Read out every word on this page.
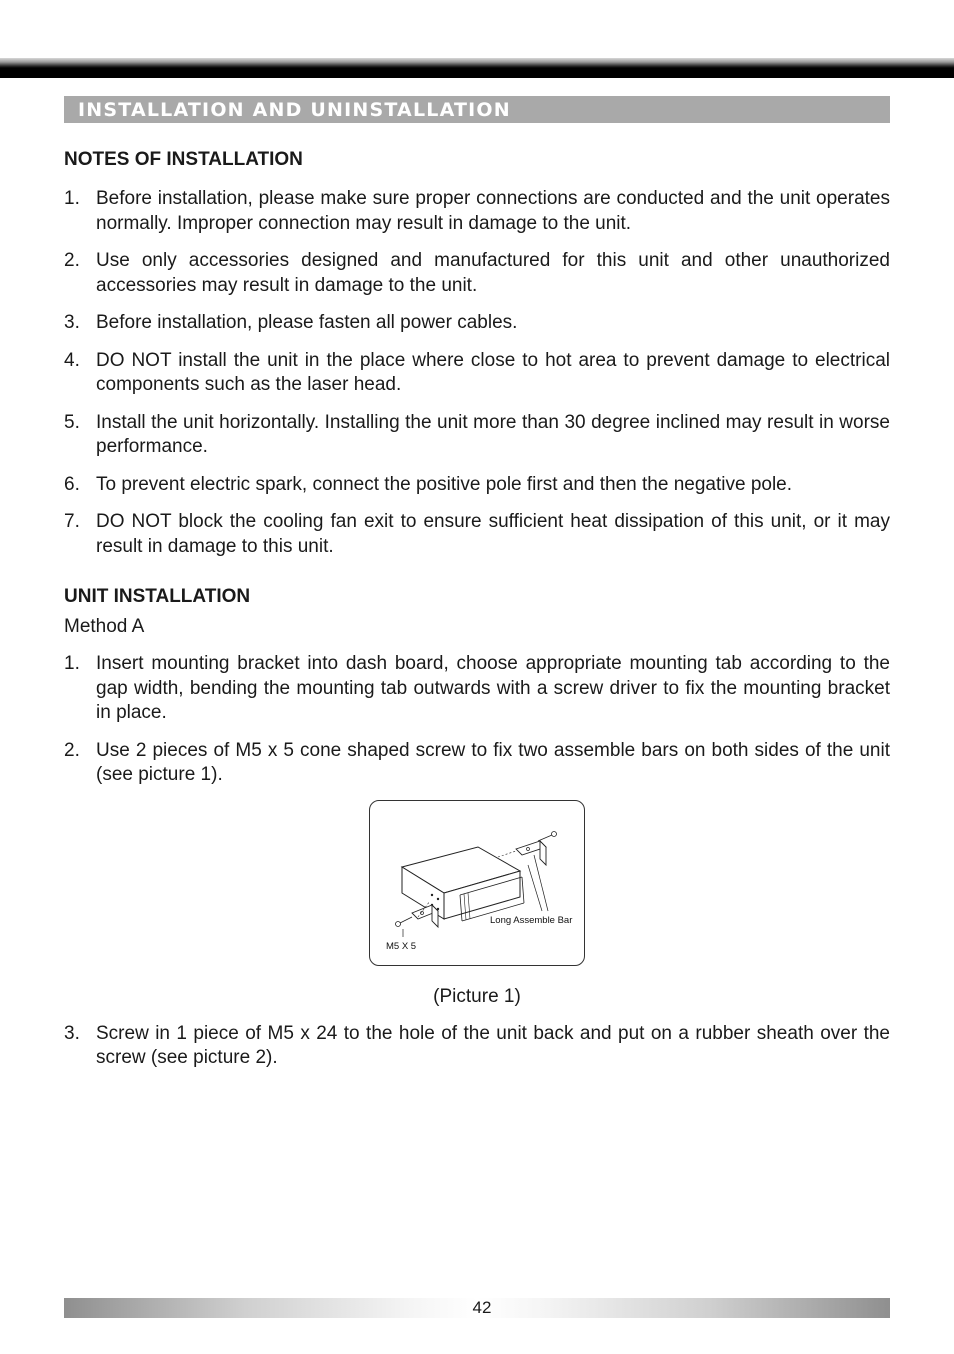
INSTALLATION AND UNINSTALLATION
NOTES OF INSTALLATION
1. Before installation, please make sure proper connections are conducted and the unit operates normally. Improper connection may result in damage to the unit.
2. Use only accessories designed and manufactured for this unit and other unauthorized accessories may result in damage to the unit.
3. Before installation, please fasten all power cables.
4. DO NOT install the unit in the place where close to hot area to prevent damage to electrical components such as the laser head.
5. Install the unit horizontally. Installing the unit more than 30 degree inclined may result in worse performance.
6. To prevent electric spark, connect the positive pole first and then the negative pole.
7. DO NOT block the cooling fan exit to ensure sufficient heat dissipation of this unit, or it may result in damage to this unit.
UNIT INSTALLATION

Method A

1. Insert mounting bracket into dash board, choose appropriate mounting tab according to the gap width, bending the mounting tab outwards with a screw driver to fix the mounting bracket in place.
2. Use 2 pieces of M5 x 5 cone shaped screw to fix two assemble bars on both sides of the unit (see picture 1).
Long Assemble Bar
M5 X 5
(Picture 1)
3. Screw in 1 piece of M5 x 24 to the hole of the unit back and put on a rubber sheath over the screw (see picture 2).
42
